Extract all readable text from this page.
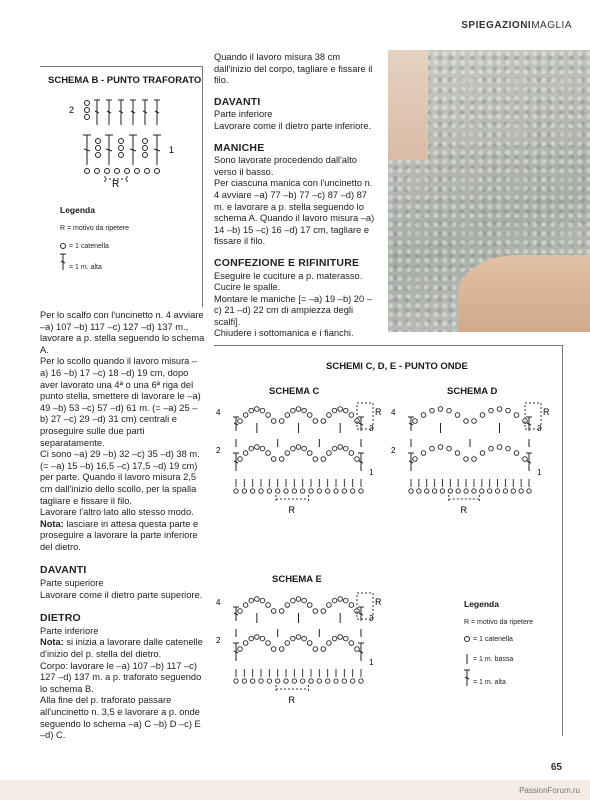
SPIEGAZIONIMAGLIA
SCHEMA B - PUNTO TRAFORATO
2
1
R
Legenda
R = motivo da ripetere
= 1 catenella
= 1 m. alta

Per lo scalfo con l'uncinetto n. 4 avviare –a) 107 –b) 117 –c) 127 –d) 137 m., lavorare a p. stella seguendo lo schema A.

Per lo scollo quando il lavoro misura –a) 16 –b) 17 –c) 18 –d) 19 cm, dopo aver lavorato una 4ª o una 6ª riga del punto stella, smettere di lavorare le –a) 49 –b) 53 –c) 57 –d) 61 m. (= –a) 25 –b) 27 –c) 29 –d) 31 cm) centrali e proseguire sulle due parti separatamente.

Ci sono –a) 29 –b) 32 –c) 35 –d) 38 m. (= –a) 15 –b) 16,5 –c) 17,5 –d) 19 cm) per parte. Quando il lavoro misura 2,5 cm dall'inizio dello scollo, per la spalla tagliare e fissare il filo.

Lavorare l'altro lato allo stesso modo.

Nota: lasciare in attesa questa parte e proseguire a lavorare la parte inferiore del dietro.

DAVANTI

Parte superiore

Lavorare come il dietro parte superiore.

DIETRO

Parte inferiore

Nota: si inizia a lavorare dalle catenelle d'inizio del p. stella del dietro.

Corpo: lavorare le –a) 107 –b) 117 –c) 127 –d) 137 m. a p. traforato seguendo lo schema B.

Alla fine del p. traforato passare all'uncinetto n. 3,5 e lavorare a p. onde seguendo lo schema –a) C –b) D –c) E –d) C.

Quando il lavoro misura 38 cm dall'inizio del corpo, tagliare e fissare il filo.

DAVANTI

Parte inferiore

Lavorare come il dietro parte inferiore.

MANICHE

Sono lavorate procedendo dall'alto verso il basso.

Per ciascuna manica con l'uncinetto n. 4 avviare –a) 77 –b) 77 –c) 87 –d) 87 m. e lavorare a p. stella seguendo lo schema A. Quando il lavoro misura –a) 14 –b) 15 –c) 16 –d) 17 cm, tagliare e fissare il filo.

CONFEZIONE E RIFINITURE

Eseguire le cuciture a p. materasso.

Cucire le spalle.

Montare le maniche [= –a) 19 –b) 20 –c) 21 –d) 22 cm di ampiezza degli scalfi].

Chiudere i sottomanica e i fianchi.

SCHEMI C, D, E - PUNTO ONDE
SCHEMA C	SCHEMA D
SCHEMA E
4
2
3
1
R
R
4
2
3
1
R
R
4
2
3
1
R
R
Legenda
R = motivo da ripetere
= 1 catenella
= 1 m. bassa
= 1 m. alta
65
PassionForum.ru
